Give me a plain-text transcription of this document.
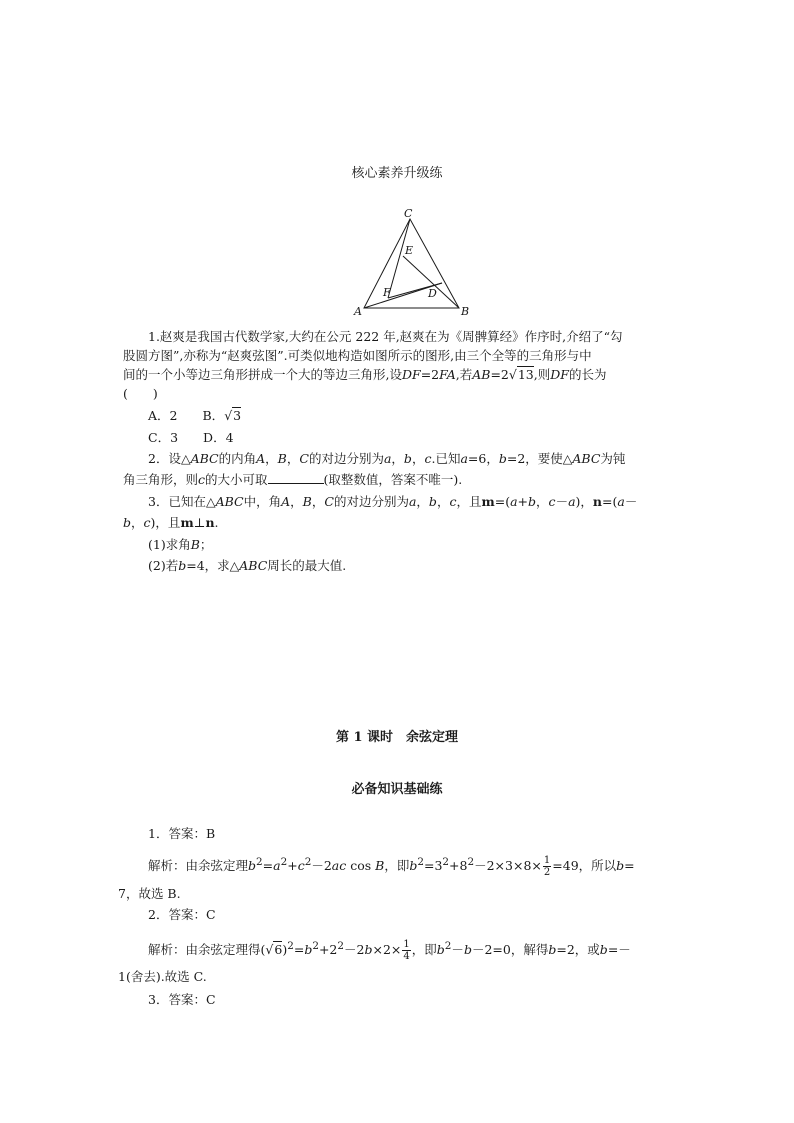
核心素养升级练
C
E
F	D
A	B
1.赵爽是我国古代数学家,大约在公元 222 年,赵爽在为《周髀算经》作序时,介绍了“勾
股圆方图”,亦称为“赵爽弦图”.可类似地构造如图所示的图形,由三个全等的三角形与中
间的一个小等边三角形拼成一个大的等边三角形,设DF=2FA,若AB=2√13,则DF的长为
(　　)
A．2　　 B．√3
C．3　　 D．4
2．设△ABC的内角A，B，C的对边分别为a，b，c.已知a=6，b=2，要使△ABC为钝
角三角形，则c的大小可取	(取整数值，答案不唯一).
3．已知在△ABC中，角A，B，C的对边分别为a，b，c，且m=(a+b，c－a)，n=(a－
b，c)，且m⊥n.
(1)求角B；
(2)若b=4，求△ABC周长的最大值.
第 1 课时　余弦定理
必备知识基础练
1．答案：B
解析：由余弦定理$b^2=a^2+c^2-2ac$ cos B，即$b^2=3^2+8^2-2\times 3\times 8\times \frac{1}{2} =49$，所以b=
7，故选 B.
2．答案：C
解析：由余弦定理得$(√6)^2=b^2+2^2-2b\times 2\times \frac{1}{4}$ ，即$b^2-b-2=0$，解得b=2，或b=－
1(舍去).故选 C.
3．答案：C
